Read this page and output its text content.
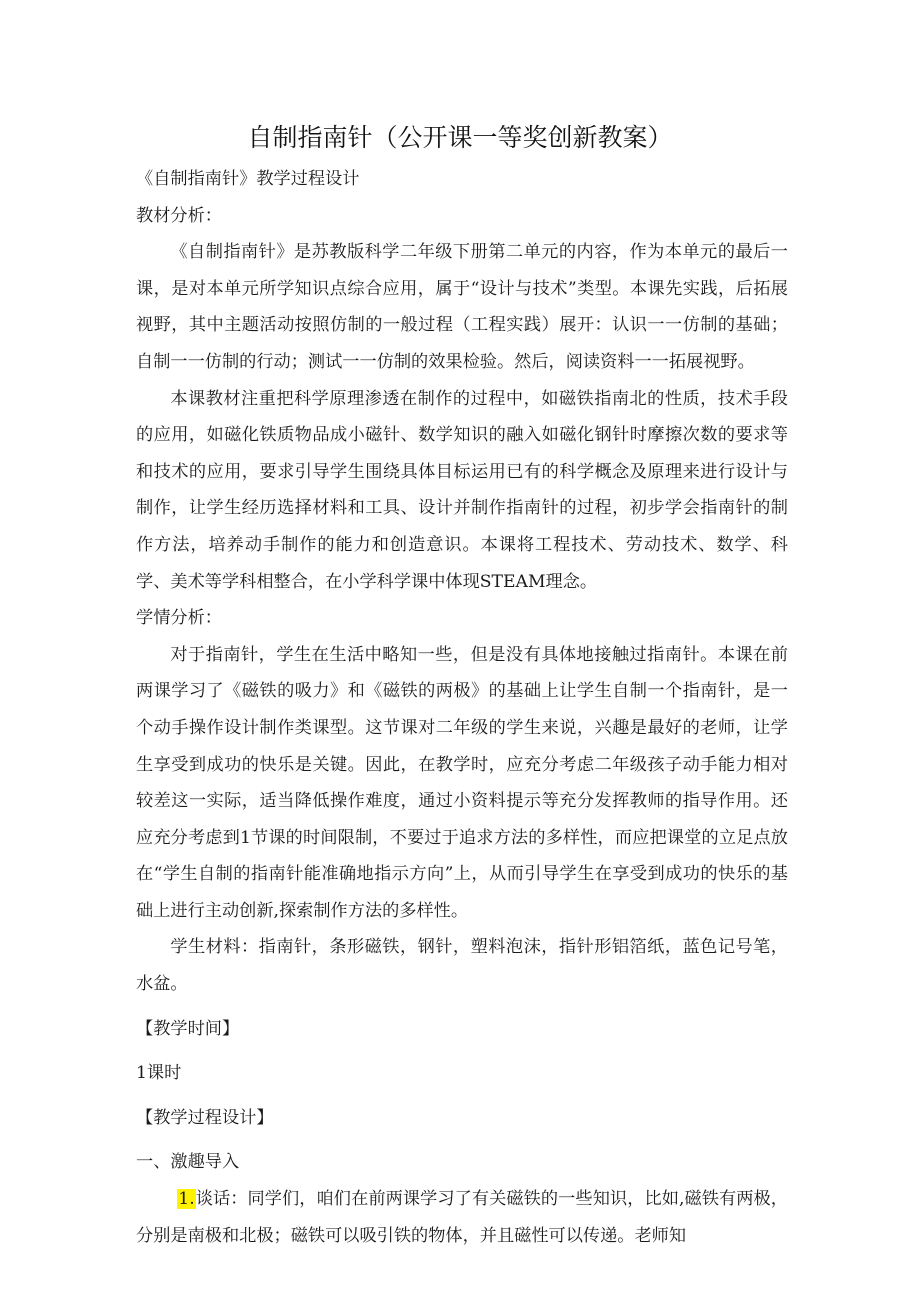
自制指南针（公开课一等奖创新教案）

《自制指南针》教学过程设计

教材分析：

《自制指南针》是苏教版科学二年级下册第二单元的内容，作为本单元的最后一课，是对本单元所学知识点综合应用，属于“设计与技术”类型。本课先实践，后拓展视野，其中主题活动按照仿制的一般过程（工程实践）展开：认识一一仿制的基础；自制一一仿制的行动；测试一一仿制的效果检验。然后，阅读资料一一拓展视野。

本课教材注重把科学原理渗透在制作的过程中，如磁铁指南北的性质，技术手段的应用，如磁化铁质物品成小磁针、数学知识的融入如磁化钢针时摩擦次数的要求等和技术的应用，要求引导学生围绕具体目标运用已有的科学概念及原理来进行设计与制作，让学生经历选择材料和工具、设计并制作指南针的过程，初步学会指南针的制作方法，培养动手制作的能力和创造意识。本课将工程技术、劳动技术、数学、科学、美术等学科相整合，在小学科学课中体现STEAM理念。

学情分析：

对于指南针，学生在生活中略知一些，但是没有具体地接触过指南针。本课在前两课学习了《磁铁的吸力》和《磁铁的两极》的基础上让学生自制一个指南针，是一个动手操作设计制作类课型。这节课对二年级的学生来说，兴趣是最好的老师，让学生享受到成功的快乐是关键。因此，在教学时，应充分考虑二年级孩子动手能力相对较差这一实际，适当降低操作难度，通过小资料提示等充分发挥教师的指导作用。还应充分考虑到1节课的时间限制，不要过于追求方法的多样性，而应把课堂的立足点放在“学生自制的指南针能准确地指示方向”上，从而引导学生在享受到成功的快乐的基础上进行主动创新,探索制作方法的多样性。

学生材料：指南针，条形磁铁，钢针，塑料泡沫，指针形铝箔纸，蓝色记号笔，水盆。

【教学时间】

1课时

【教学过程设计】

一、激趣导入

1.谈话：同学们，咱们在前两课学习了有关磁铁的一些知识，比如,磁铁有两极，分别是南极和北极；磁铁可以吸引铁的物体，并且磁性可以传递。老师知
